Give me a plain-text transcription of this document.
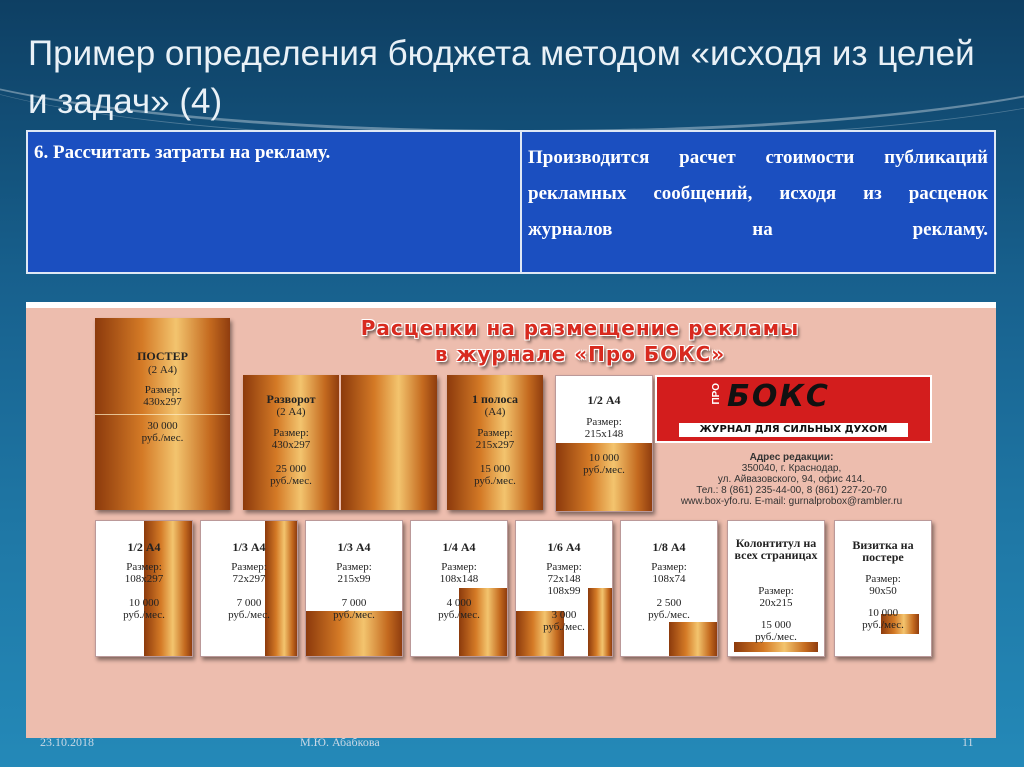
Пример определения бюджета методом «исходя из целей и задач» (4)
6. Рассчитать затраты на рекламу.	Производится расчет стоимости публикаций рекламных сообщений, исходя из расценок журналов на рекламу.
Расценки на размещение рекламы
в журнале «Про БОКС»
ПОСТЕР
(2 А4)
Размер:
430x297
30 000
руб./мес.
Разворот
(2 А4)
Размер:
430x297
25 000
руб./мес.
1 полоса
(А4)
Размер:
215x297
15 000
руб./мес.
1/2 А4
Размер:
215x148
10 000
руб./мес.
ПРО БОКС
ЖУРНАЛ ДЛЯ СИЛЬНЫХ ДУХОМ
Адрес редакции:
350040, г. Краснодар,
ул. Айвазовского, 94, офис 414.
Тел.: 8 (861) 235-44-00, 8 (861) 227-20-70
www.box-yfo.ru. E-mail: gurnalprobox@rambler.ru
1/2 А4
Размер:
108x297
10 000
руб./мес.
1/3 А4
Размер:
72x297
7 000
руб./мес.
1/3 А4
Размер:
215x99
7 000
руб./мес.
1/4 А4
Размер:
108x148
4 000
руб./мес.
1/6 А4
Размер:
72x148
108x99
3 000
руб./мес.
1/8 А4
Размер:
108x74
2 500
руб./мес.
Колонтитул на всех страницах
Размер:
20x215
15 000
руб./мес.
Визитка на постере
Размер:
90x50
10 000
руб./мес.
23.10.2018	М.Ю. Абабкова	11
